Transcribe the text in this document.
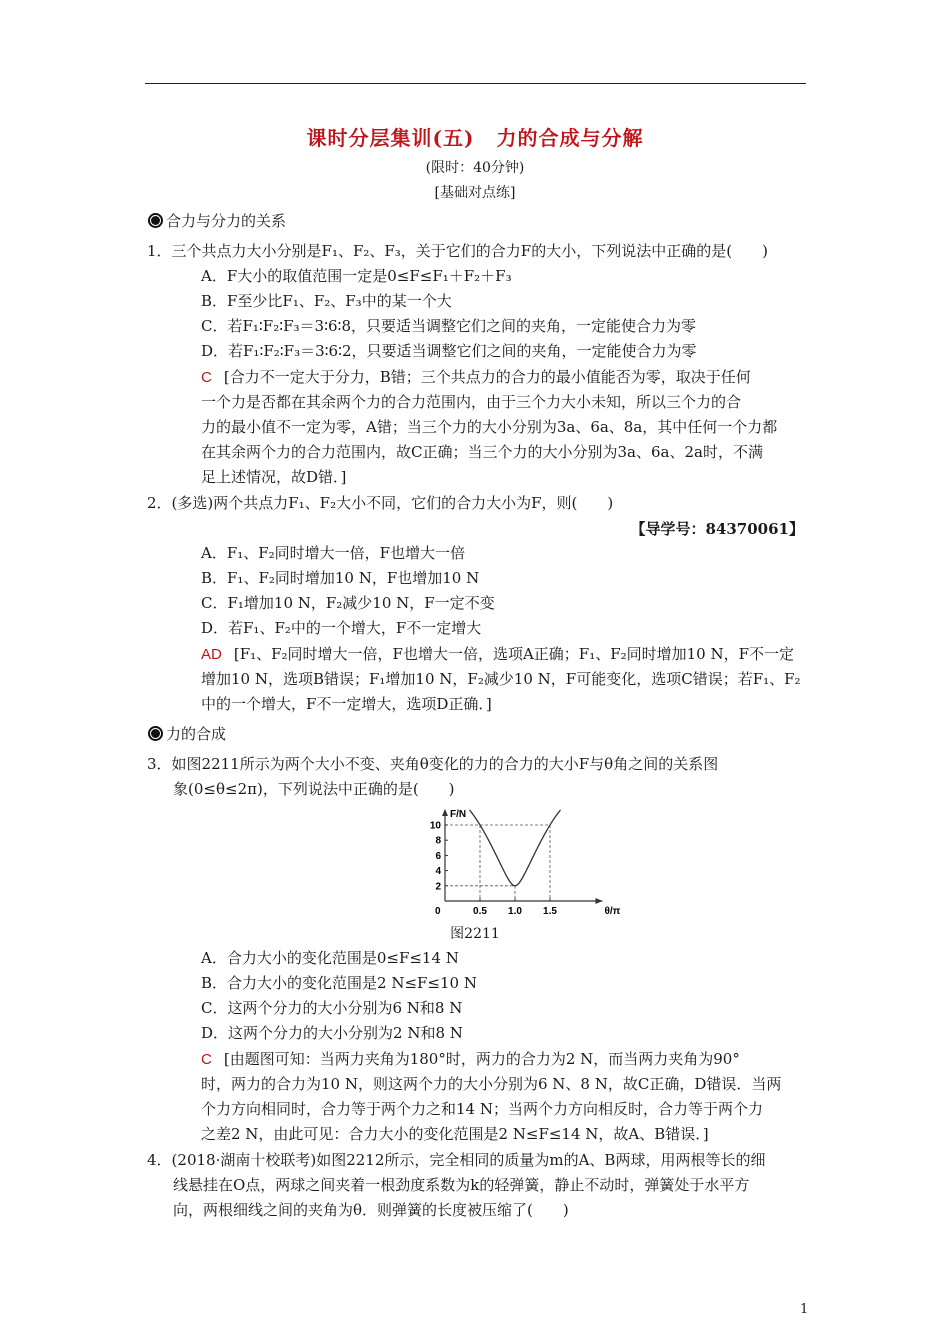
课时分层集训(五) 力的合成与分解
(限时：40分钟)
[基础对点练]
合力与分力的关系
1．三个共点力大小分别是F₁、F₂、F₃，关于它们的合力F的大小，下列说法中正确的是(　　)
A．F大小的取值范围一定是0≤F≤F₁＋F₂＋F₃
B．F至少比F₁、F₂、F₃中的某一个大
C．若F₁∶F₂∶F₃＝3∶6∶8，只要适当调整它们之间的夹角，一定能使合力为零
D．若F₁∶F₂∶F₃＝3∶6∶2，只要适当调整它们之间的夹角，一定能使合力为零
C [合力不一定大于分力，B错；三个共点力的合力的最小值能否为零，取决于任何
一个力是否都在其余两个力的合力范围内，由于三个力大小未知，所以三个力的合
力的最小值不一定为零，A错；当三个力的大小分别为3a、6a、8a，其中任何一个力都
在其余两个力的合力范围内，故C正确；当三个力的大小分别为3a、6a、2a时，不满
足上述情况，故D错．]
2．(多选)两个共点力F₁、F₂大小不同，它们的合力大小为F，则(　　)
【导学号：84370061】
A．F₁、F₂同时增大一倍，F也增大一倍
B．F₁、F₂同时增加10 N，F也增加10 N
C．F₁增加10 N，F₂减少10 N，F一定不变
D．若F₁、F₂中的一个增大，F不一定增大
AD [F₁、F₂同时增大一倍，F也增大一倍，选项A正确；F₁、F₂同时增加10 N，F不一定
增加10 N，选项B错误；F₁增加10 N，F₂减少10 N，F可能变化，选项C错误；若F₁、F₂
中的一个增大，F不一定增大，选项D正确．]
力的合成
3．如图2211所示为两个大小不变、夹角θ变化的力的合力的大小F与θ角之间的关系图
象(0≤θ≤2π)，下列说法中正确的是(　　)
2
4
6
8
10
0.5 1.0 1.5
F/N
θ/π
0
图2211
A．合力大小的变化范围是0≤F≤14 N
B．合力大小的变化范围是2 N≤F≤10 N
C．这两个分力的大小分别为6 N和8 N
D．这两个分力的大小分别为2 N和8 N
C [由题图可知：当两力夹角为180°时，两力的合力为2 N，而当两力夹角为90°
时，两力的合力为10 N，则这两个力的大小分别为6 N、8 N，故C正确，D错误．当两
个力方向相同时，合力等于两个力之和14 N；当两个力方向相反时，合力等于两个力
之差2 N，由此可见：合力大小的变化范围是2 N≤F≤14 N，故A、B错误．]
4．(2018·湖南十校联考)如图2212所示，完全相同的质量为m的A、B两球，用两根等长的细
线悬挂在O点，两球之间夹着一根劲度系数为k的轻弹簧，静止不动时，弹簧处于水平方
向，两根细线之间的夹角为θ．则弹簧的长度被压缩了(　　)
1
